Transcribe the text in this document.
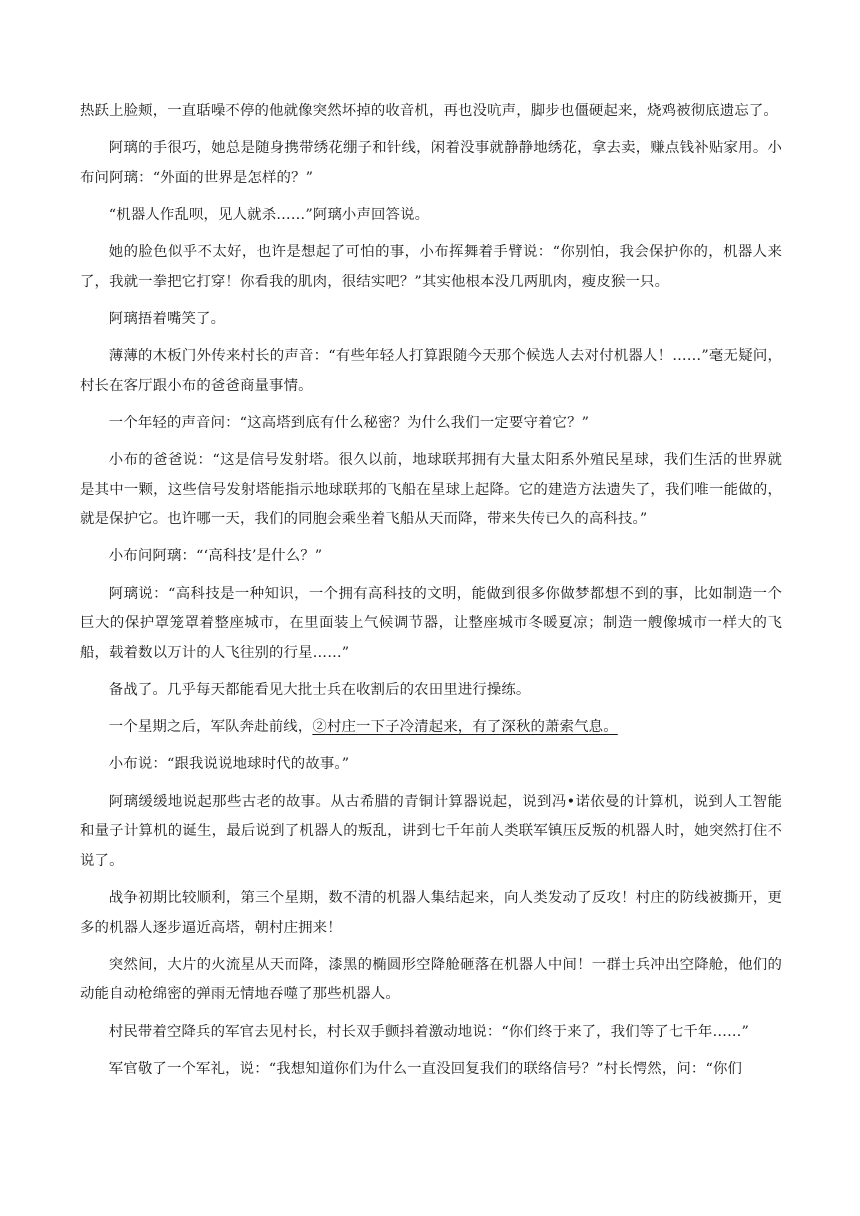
热跃上脸颊，一直聒噪不停的他就像突然坏掉的收音机，再也没吭声，脚步也僵硬起来，烧鸡被彻底遗忘了。

阿璃的手很巧，她总是随身携带绣花绷子和针线，闲着没事就静静地绣花，拿去卖，赚点钱补贴家用。小布问阿璃：“外面的世界是怎样的？”

“机器人作乱呗，见人就杀……”阿璃小声回答说。

她的脸色似乎不太好，也许是想起了可怕的事，小布挥舞着手臂说：“你别怕，我会保护你的，机器人来了，我就一拳把它打穿！你看我的肌肉，很结实吧？”其实他根本没几两肌肉，瘦皮猴一只。

阿璃捂着嘴笑了。

薄薄的木板门外传来村长的声音：“有些年轻人打算跟随今天那个候选人去对付机器人！……”毫无疑问，村长在客厅跟小布的爸爸商量事情。

一个年轻的声音问：“这高塔到底有什么秘密？为什么我们一定要守着它？”

小布的爸爸说：“这是信号发射塔。很久以前，地球联邦拥有大量太阳系外殖民星球，我们生活的世界就是其中一颗，这些信号发射塔能指示地球联邦的飞船在星球上起降。它的建造方法遗失了，我们唯一能做的，就是保护它。也许哪一天，我们的同胞会乘坐着飞船从天而降，带来失传已久的高科技。”

小布问阿璃：“‘高科技’是什么？”

阿璃说：“高科技是一种知识，一个拥有高科技的文明，能做到很多你做梦都想不到的事，比如制造一个巨大的保护罩笼罩着整座城市，在里面装上气候调节器，让整座城市冬暖夏凉；制造一艘像城市一样大的飞船，载着数以万计的人飞往别的行星……”

备战了。几乎每天都能看见大批士兵在收割后的农田里进行操练。

一个星期之后，军队奔赴前线，②村庄一下子冷清起来，有了深秋的萧索气息。

小布说：“跟我说说地球时代的故事。”

阿璃缓缓地说起那些古老的故事。从古希腊的青铜计算器说起，说到冯•诺依曼的计算机，说到人工智能和量子计算机的诞生，最后说到了机器人的叛乱，讲到七千年前人类联军镇压反叛的机器人时，她突然打住不说了。

战争初期比较顺利，第三个星期，数不清的机器人集结起来，向人类发动了反攻！村庄的防线被撕开，更多的机器人逐步逼近高塔，朝村庄拥来！

突然间，大片的火流星从天而降，漆黑的椭圆形空降舱砸落在机器人中间！一群士兵冲出空降舱，他们的动能自动枪绵密的弹雨无情地吞噬了那些机器人。

村民带着空降兵的军官去见村长，村长双手颤抖着激动地说：“你们终于来了，我们等了七千年……”

军官敬了一个军礼，说：“我想知道你们为什么一直没回复我们的联络信号？”村长愕然，问：“你们
